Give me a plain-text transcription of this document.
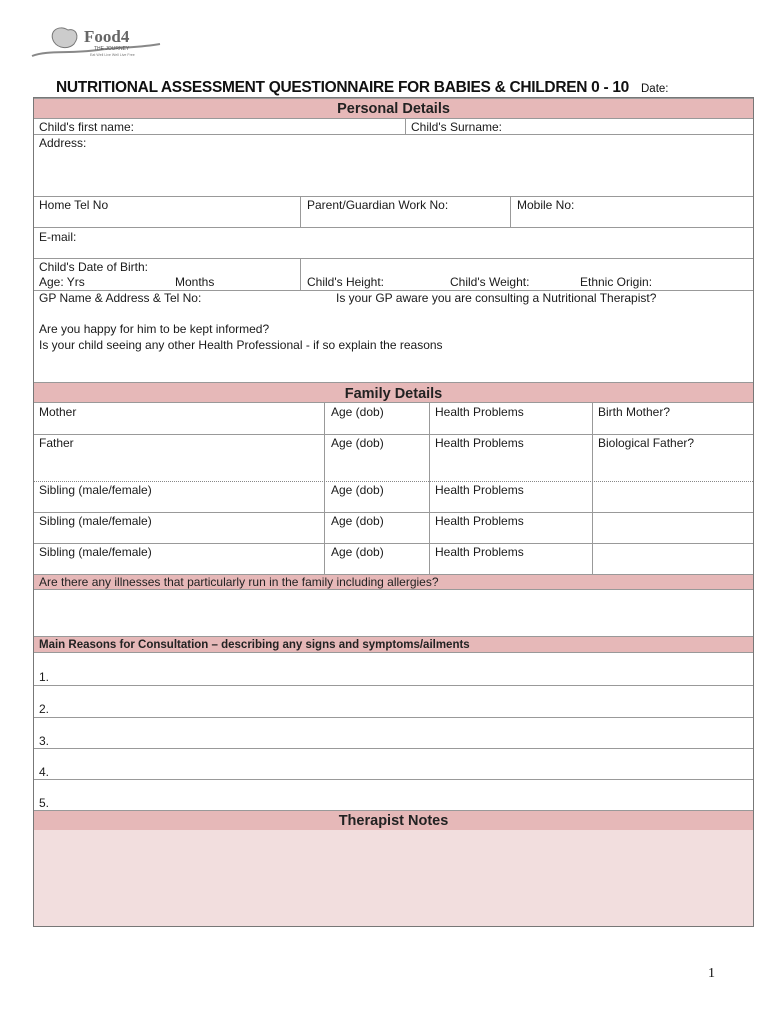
Food4
THE JOURNEY
Eat Well Live Well Live Free
NUTRITIONAL ASSESSMENT QUESTIONNAIRE FOR BABIES & CHILDREN 0 - 10 Date:
Personal Details
Child's first name:	Child's Surname:
Address:
Home Tel No	Parent/Guardian Work No:	Mobile No:
E-mail:
Child's Date of Birth:
Age: Yrs	Months	Child's Height:	Child's Weight:	Ethnic Origin:
GP Name & Address & Tel No:	Is your GP aware you are consulting a Nutritional Therapist?
Are you happy for him to be kept informed?
Is your child seeing any other Health Professional - if so explain the reasons
Family Details
Mother	Age (dob)	Health Problems	Birth Mother?
Father	Age (dob)	Health Problems	Biological Father?
Sibling (male/female)	Age (dob)	Health Problems
Sibling (male/female)	Age (dob)	Health Problems
Sibling (male/female)	Age (dob)	Health Problems
Are there any illnesses that particularly run in the family including allergies?
Main Reasons for Consultation – describing any signs and symptoms/ailments
1.
2.
3.
4.
5.
Therapist Notes
1
